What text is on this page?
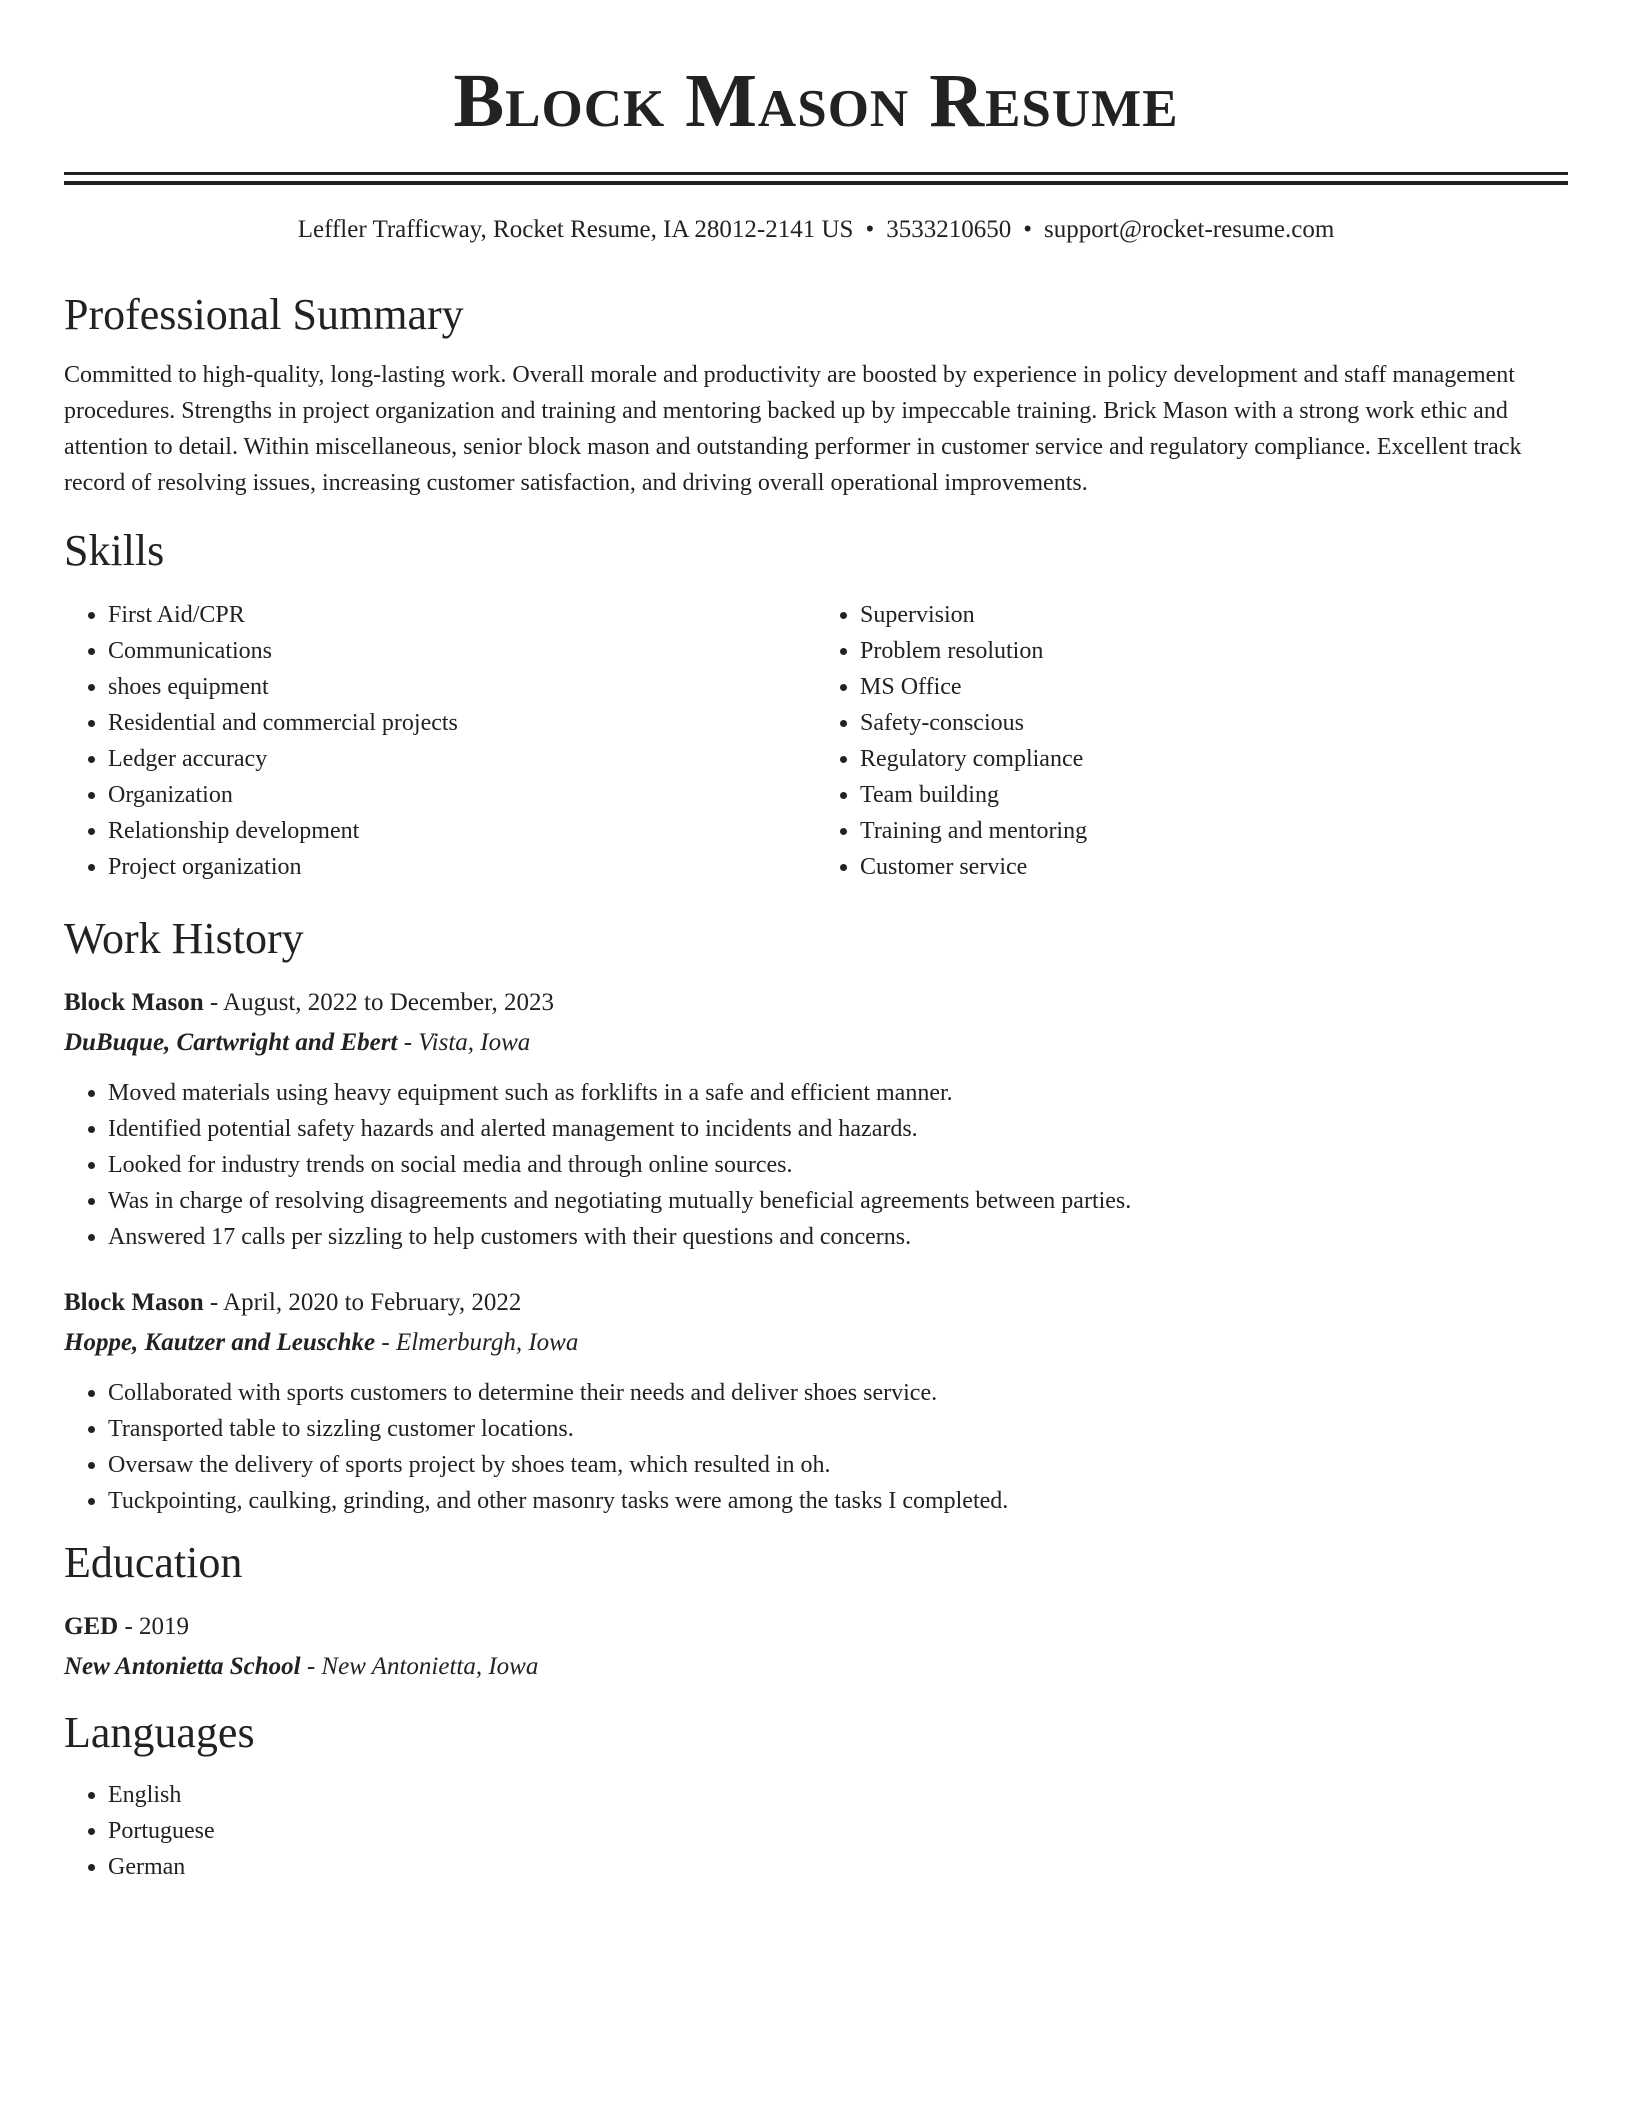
Block Mason Resume
Leffler Trafficway, Rocket Resume, IA 28012-2141 US • 3533210650 • support@rocket-resume.com
Professional Summary
Committed to high-quality, long-lasting work. Overall morale and productivity are boosted by experience in policy development and staff management procedures. Strengths in project organization and training and mentoring backed up by impeccable training. Brick Mason with a strong work ethic and attention to detail. Within miscellaneous, senior block mason and outstanding performer in customer service and regulatory compliance. Excellent track record of resolving issues, increasing customer satisfaction, and driving overall operational improvements.
Skills
• First Aid/CPR
• Communications
• shoes equipment
• Residential and commercial projects
• Ledger accuracy
• Organization
• Relationship development
• Project organization
• Supervision
• Problem resolution
• MS Office
• Safety-conscious
• Regulatory compliance
• Team building
• Training and mentoring
• Customer service
Work History
Block Mason - August, 2022 to December, 2023
DuBuque, Cartwright and Ebert - Vista, Iowa
• Moved materials using heavy equipment such as forklifts in a safe and efficient manner.
• Identified potential safety hazards and alerted management to incidents and hazards.
• Looked for industry trends on social media and through online sources.
• Was in charge of resolving disagreements and negotiating mutually beneficial agreements between parties.
• Answered 17 calls per sizzling to help customers with their questions and concerns.
Block Mason - April, 2020 to February, 2022
Hoppe, Kautzer and Leuschke - Elmerburgh, Iowa
• Collaborated with sports customers to determine their needs and deliver shoes service.
• Transported table to sizzling customer locations.
• Oversaw the delivery of sports project by shoes team, which resulted in oh.
• Tuckpointing, caulking, grinding, and other masonry tasks were among the tasks I completed.
Education
GED - 2019
New Antonietta School - New Antonietta, Iowa
Languages
• English
• Portuguese
• German
